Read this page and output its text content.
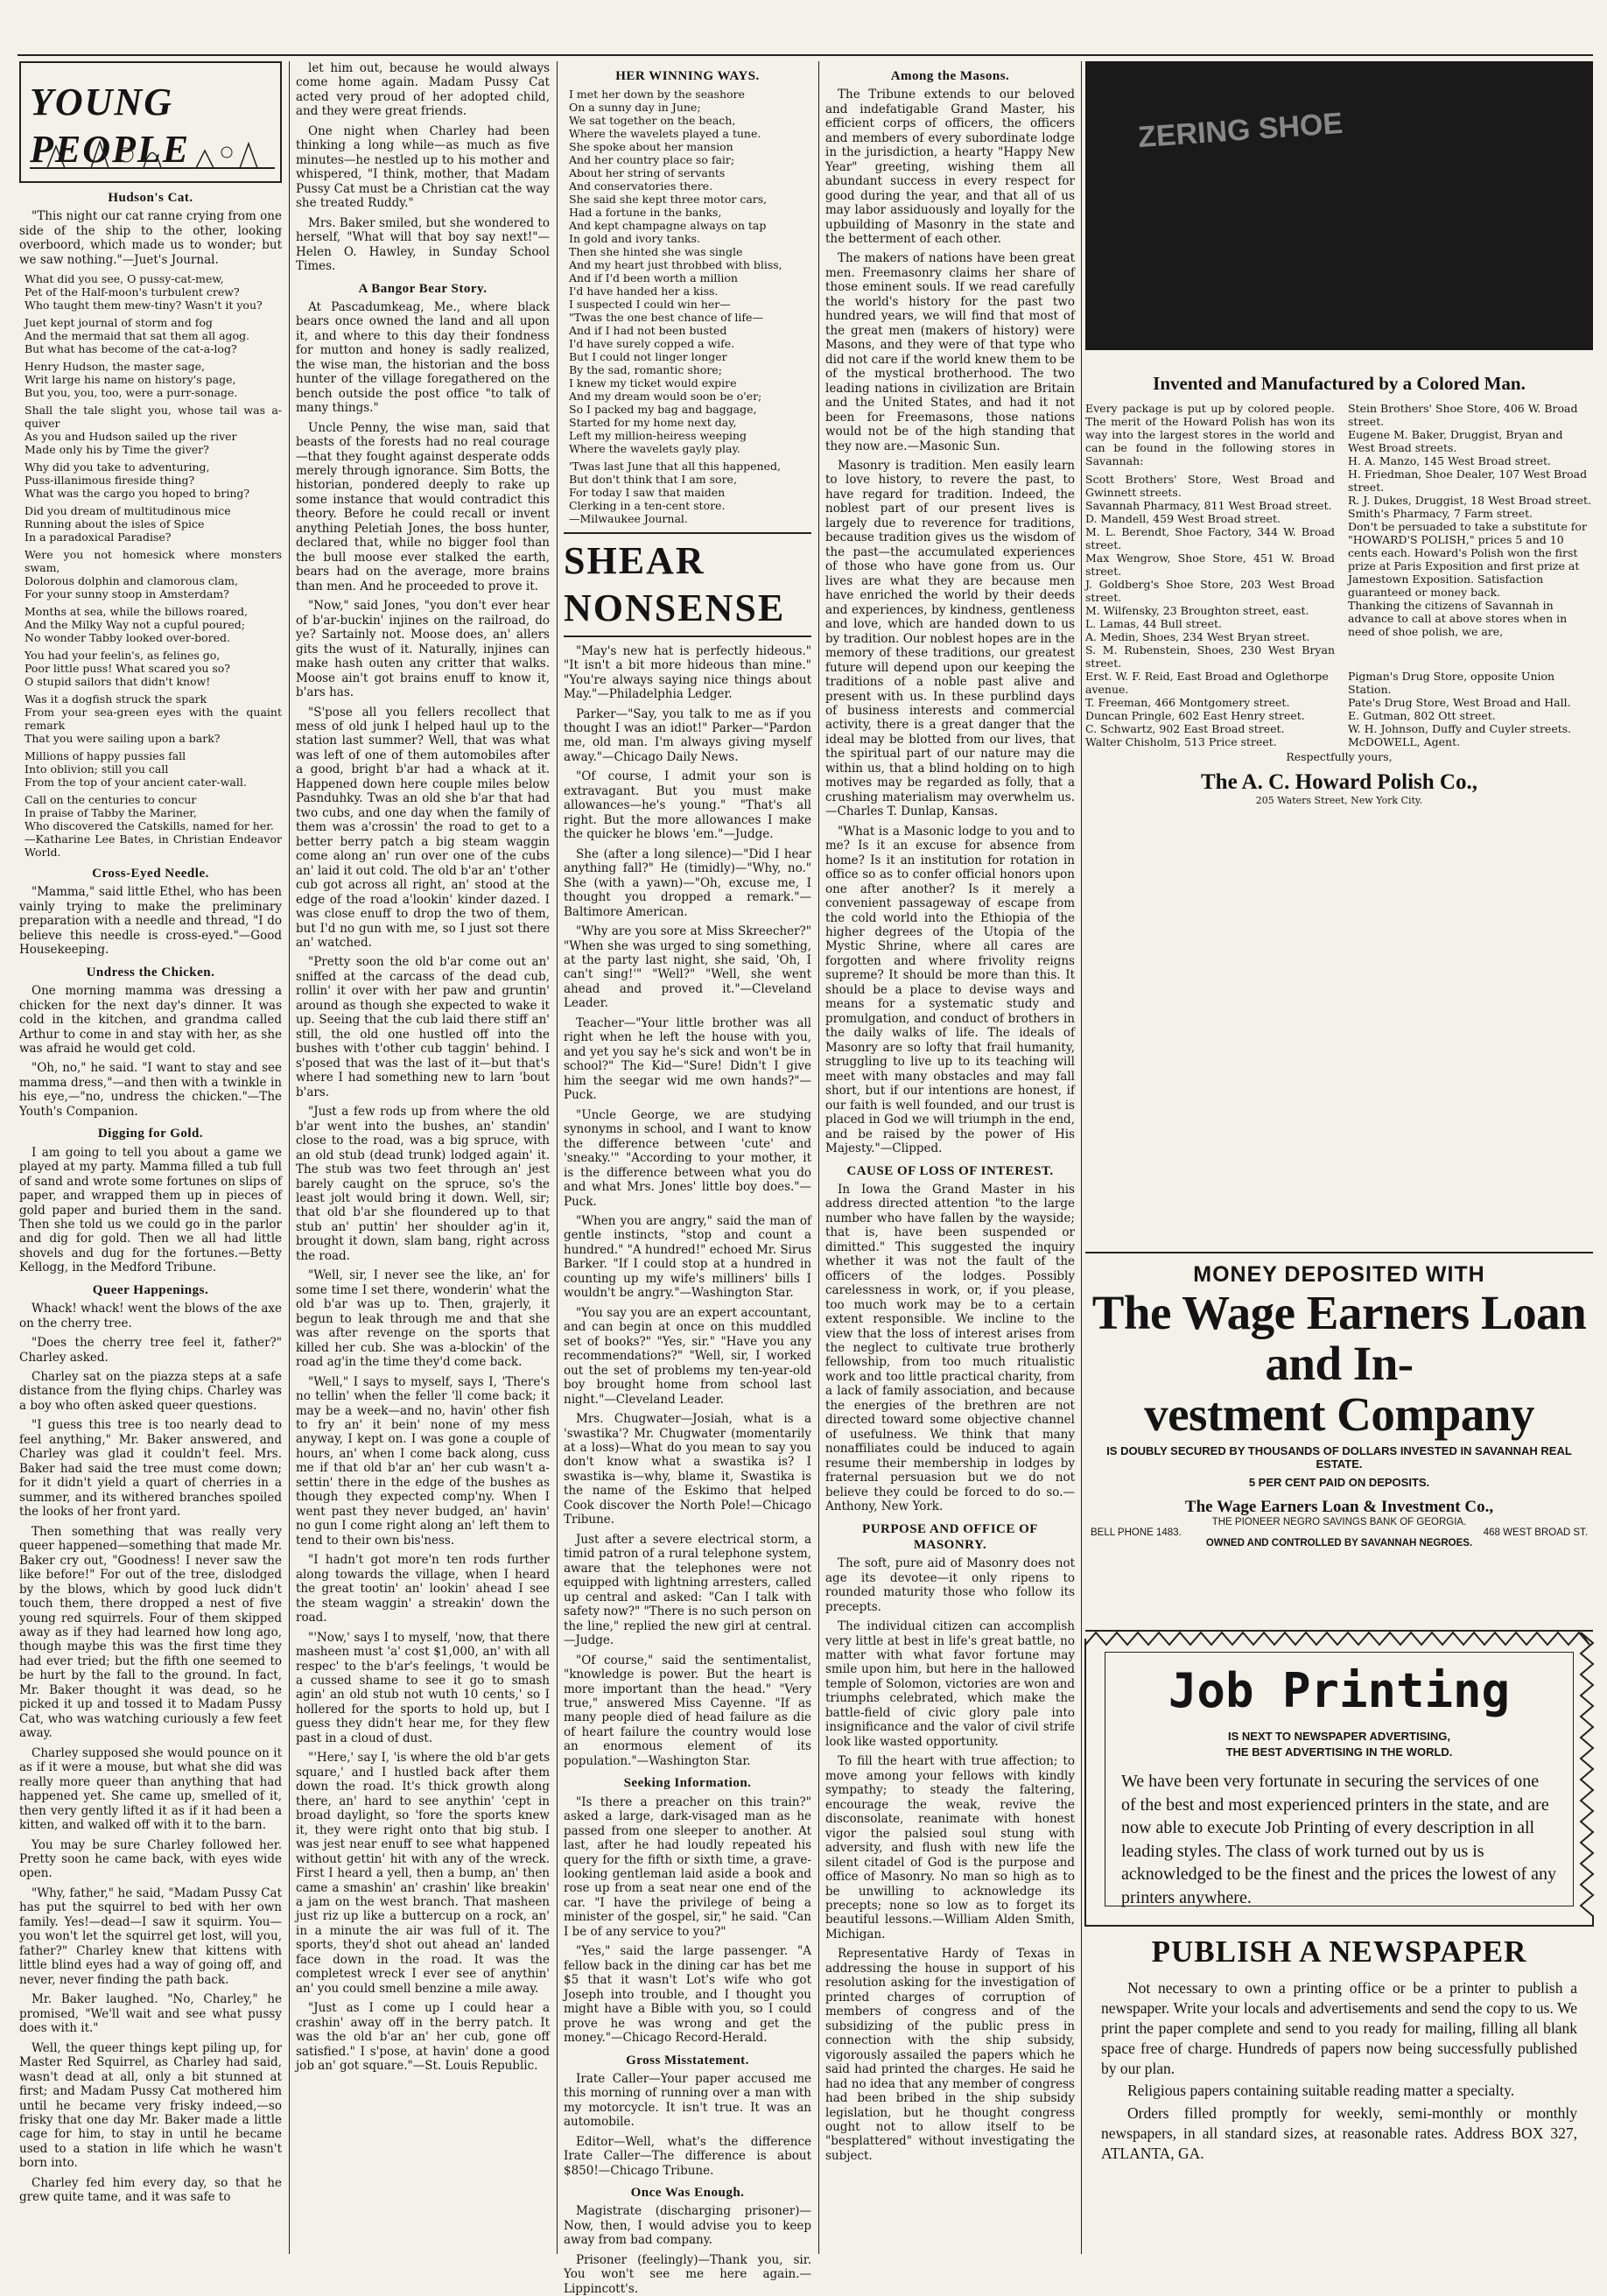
YOUNG PEOPLE
Hudson's Cat.

"This night our cat ranne crying from one side of the ship to the other, looking overboord, which made us to wonder; but we saw nothing."—Juet's Journal.

What did you see, O pussy-cat-mew,
Pet of the Half-moon's turbulent crew?
Who taught them mew-tiny? Wasn't it you?

Juet kept journal of storm and fog
And the mermaid that sat them all agog.
But what has become of the cat-a-log?

Henry Hudson, the master sage,
Writ large his name on history's page,
But you, you, too, were a purr-sonage.

Shall the tale slight you, whose tail was a-quiver
As you and Hudson sailed up the river
Made only his by Time the giver?

Why did you take to adventuring,
Puss-illanimous fireside thing?
What was the cargo you hoped to bring?

Did you dream of multitudinous mice
Running about the isles of Spice
In a paradoxical Paradise?

Were you not homesick where monsters swam,
Dolorous dolphin and clamorous clam,
For your sunny stoop in Amsterdam?

Months at sea, while the billows roared,
And the Milky Way not a cupful poured;
No wonder Tabby looked over-bored.

You had your feelin's, as felines go,
Poor little puss! What scared you so?
O stupid sailors that didn't know!

Was it a dogfish struck the spark
From your sea-green eyes with the quaint remark
That you were sailing upon a bark?

Millions of happy pussies fall
Into oblivion; still you call
From the top of your ancient cater-wall.

Call on the centuries to concur
In praise of Tabby the Mariner,
Who discovered the Catskills, named for her.
—Katharine Lee Bates, in Christian Endeavor World.
Cross-Eyed Needle.

"Mamma," said little Ethel, who has been vainly trying to make the preliminary preparation with a needle and thread, "I do believe this needle is cross-eyed."—Good Housekeeping.

Undress the Chicken.

One morning mamma was dressing a chicken for the next day's dinner. It was cold in the kitchen, and grandma called Arthur to come in and stay with her, as she was afraid he would get cold.

"Oh, no," he said. "I want to stay and see mamma dress,"—and then with a twinkle in his eye,—"no, undress the chicken."—The Youth's Companion.

Digging for Gold.

I am going to tell you about a game we played at my party. Mamma filled a tub full of sand and wrote some fortunes on slips of paper, and wrapped them up in pieces of gold paper and buried them in the sand. Then she told us we could go in the parlor and dig for gold. Then we all had little shovels and dug for the fortunes.—Betty Kellogg, in the Medford Tribune.

Queer Happenings.

Whack! whack! went the blows of the axe on the cherry tree.

"Does the cherry tree feel it, father?" Charley asked.

Charley sat on the piazza steps at a safe distance from the flying chips. Charley was a boy who often asked queer questions.

"I guess this tree is too nearly dead to feel anything," Mr. Baker answered, and Charley was glad it couldn't feel. Mrs. Baker had said the tree must come down; for it didn't yield a quart of cherries in a summer, and its withered branches spoiled the looks of her front yard.

Then something that was really very queer happened—something that made Mr. Baker cry out, "Goodness! I never saw the like before!" For out of the tree, dislodged by the blows, which by good luck didn't touch them, there dropped a nest of five young red squirrels. Four of them skipped away as if they had learned how long ago, though maybe this was the first time they had ever tried; but the fifth one seemed to be hurt by the fall to the ground. In fact, Mr. Baker thought it was dead, so he picked it up and tossed it to Madam Pussy Cat, who was watching curiously a few feet away.

Charley supposed she would pounce on it as if it were a mouse, but what she did was really more queer than anything that had happened yet. She came up, smelled of it, then very gently lifted it as if it had been a kitten, and walked off with it to the barn.

You may be sure Charley followed her. Pretty soon he came back, with eyes wide open.

"Why, father," he said, "Madam Pussy Cat has put the squirrel to bed with her own family. Yes!—dead—I saw it squirm. You—you won't let the squirrel get lost, will you, father?" Charley knew that kittens with little blind eyes had a way of going off, and never, never finding the path back.

Mr. Baker laughed. "No, Charley," he promised, "We'll wait and see what pussy does with it."

Well, the queer things kept piling up, for Master Red Squirrel, as Charley had said, wasn't dead at all, only a bit stunned at first; and Madam Pussy Cat mothered him until he became very frisky indeed,—so frisky that one day Mr. Baker made a little cage for him, to stay in until he became used to a station in life which he wasn't born into.

Charley fed him every day, so that he grew quite tame, and it was safe to

let him out, because he would always come home again. Madam Pussy Cat acted very proud of her adopted child, and they were great friends.

One night when Charley had been thinking a long while—as much as five minutes—he nestled up to his mother and whispered, "I think, mother, that Madam Pussy Cat must be a Christian cat the way she treated Ruddy."

Mrs. Baker smiled, but she wondered to herself, "What will that boy say next!"—Helen O. Hawley, in Sunday School Times.

A Bangor Bear Story.

At Pascadumkeag, Me., where black bears once owned the land and all upon it, and where to this day their fondness for mutton and honey is sadly realized, the wise man, the historian and the boss hunter of the village foregathered on the bench outside the post office "to talk of many things."

Uncle Penny, the wise man, said that beasts of the forests had no real courage—that they fought against desperate odds merely through ignorance. Sim Botts, the historian, pondered deeply to rake up some instance that would contradict this theory. Before he could recall or invent anything Peletiah Jones, the boss hunter, declared that, while no bigger fool than the bull moose ever stalked the earth, bears had on the average, more brains than men. And he proceeded to prove it.

"Now," said Jones, "you don't ever hear of b'ar-buckin' injines on the railroad, do ye? Sartainly not. Moose does, an' allers gits the wust of it. Naturally, injines can make hash outen any critter that walks. Moose ain't got brains enuff to know it, b'ars has.

"S'pose all you fellers recollect that mess of old junk I helped haul up to the station last summer? Well, that was what was left of one of them automobiles after a good, bright b'ar had a whack at it. Happened down here couple miles below Pasnduhky. Twas an old she b'ar that had two cubs, and one day when the family of them was a'crossin' the road to get to a better berry patch a big steam waggin come along an' run over one of the cubs an' laid it out cold. The old b'ar an' t'other cub got across all right, an' stood at the edge of the road a'lookin' kinder dazed. I was close enuff to drop the two of them, but I'd no gun with me, so I just sot there an' watched.

"Pretty soon the old b'ar come out an' sniffed at the carcass of the dead cub, rollin' it over with her paw and gruntin' around as though she expected to wake it up. Seeing that the cub laid there stiff an' still, the old one hustled off into the bushes with t'other cub taggin' behind. I s'posed that was the last of it—but that's where I had something new to larn 'bout b'ars.

"Just a few rods up from where the old b'ar went into the bushes, an' standin' close to the road, was a big spruce, with an old stub (dead trunk) lodged again' it. The stub was two feet through an' jest barely caught on the spruce, so's the least jolt would bring it down. Well, sir; that old b'ar she floundered up to that stub an' puttin' her shoulder ag'in it, brought it down, slam bang, right across the road.

"Well, sir, I never see the like, an' for some time I set there, wonderin' what the old b'ar was up to. Then, grajerly, it begun to leak through me and that she was after revenge on the sports that killed her cub. She was a-blockin' of the road ag'in the time they'd come back.

"Well," I says to myself, says I, 'There's no tellin' when the feller 'll come back; it may be a week—and no, havin' other fish to fry an' it bein' none of my mess anyway, I kept on. I was gone a couple of hours, an' when I come back along, cuss me if that old b'ar an' her cub wasn't a-settin' there in the edge of the bushes as though they expected comp'ny. When I went past they never budged, an' havin' no gun I come right along an' left them to tend to their own bis'ness.

"I hadn't got more'n ten rods further along towards the village, when I heard the great tootin' an' lookin' ahead I see the steam waggin' a streakin' down the road.

"'Now,' says I to myself, 'now, that there masheen must 'a' cost $1,000, an' with all respec' to the b'ar's feelings, 't would be a cussed shame to see it go to smash agin' an old stub not wuth 10 cents,' so I hollered for the sports to hold up, but I guess they didn't hear me, for they flew past in a cloud of dust.

"'Here,' say I, 'is where the old b'ar gets square,' and I hustled back after them down the road. It's thick growth along there, an' hard to see anythin' 'cept in broad daylight, so 'fore the sports knew it, they were right onto that big stub. I was jest near enuff to see what happened without gettin' hit with any of the wreck. First I heard a yell, then a bump, an' then came a smashin' an' crashin' like breakin' a jam on the west branch. That masheen just riz up like a buttercup on a rock, an' in a minute the air was full of it. The sports, they'd shot out ahead an' landed face down in the road. It was the completest wreck I ever see of anythin' an' you could smell benzine a mile away.

"Just as I come up I could hear a crashin' away off in the berry patch. It was the old b'ar an' her cub, gone off satisfied." I s'pose, at havin' done a good job an' got square."—St. Louis Republic.

HER WINNING WAYS.
I met her down by the seashore
On a sunny day in June;
We sat together on the beach,
Where the wavelets played a tune.
She spoke about her mansion
And her country place so fair;
About her string of servants
And conservatories there.
She said she kept three motor cars,
Had a fortune in the banks,
And kept champagne always on tap
In gold and ivory tanks.
Then she hinted she was single
And my heart just throbbed with bliss,
And if I'd been worth a million
I'd have handed her a kiss.
I suspected I could win her—
"Twas the one best chance of life—
And if I had not been busted
I'd have surely copped a wife.
But I could not linger longer
By the sad, romantic shore;
I knew my ticket would expire
And my dream would soon be o'er;
So I packed my bag and baggage,
Started for my home next day,
Left my million-heiress weeping
Where the wavelets gayly play.

'Twas last June that all this happened,
But don't think that I am sore,
For today I saw that maiden
Clerking in a ten-cent store.
—Milwaukee Journal.
SHEAR
NONSENSE

"May's new hat is perfectly hideous." "It isn't a bit more hideous than mine." "You're always saying nice things about May."—Philadelphia Ledger.

Parker—"Say, you talk to me as if you thought I was an idiot!" Parker—"Pardon me, old man. I'm always giving myself away."—Chicago Daily News.

"Of course, I admit your son is extravagant. But you must make allowances—he's young." "That's all right. But the more allowances I make the quicker he blows 'em."—Judge.

She (after a long silence)—"Did I hear anything fall?" He (timidly)—"Why, no." She (with a yawn)—"Oh, excuse me, I thought you dropped a remark."—Baltimore American.

"Why are you sore at Miss Skreecher?" "When she was urged to sing something, at the party last night, she said, 'Oh, I can't sing!'" "Well?" "Well, she went ahead and proved it."—Cleveland Leader.

Teacher—"Your little brother was all right when he left the house with you, and yet you say he's sick and won't be in school?" The Kid—"Sure! Didn't I give him the seegar wid me own hands?"—Puck.

"Uncle George, we are studying synonyms in school, and I want to know the difference between 'cute' and 'sneaky.'" "According to your mother, it is the difference between what you do and what Mrs. Jones' little boy does."—Puck.

"When you are angry," said the man of gentle instincts, "stop and count a hundred." "A hundred!" echoed Mr. Sirus Barker. "If I could stop at a hundred in counting up my wife's milliners' bills I wouldn't be angry."—Washington Star.

"You say you are an expert accountant, and can begin at once on this muddled set of books?" "Yes, sir." "Have you any recommendations?" "Well, sir, I worked out the set of problems my ten-year-old boy brought home from school last night."—Cleveland Leader.

Mrs. Chugwater—Josiah, what is a 'swastika'? Mr. Chugwater (momentarily at a loss)—What do you mean to say you don't know what a swastika is? I swastika is—why, blame it, Swastika is the name of the Eskimo that helped Cook discover the North Pole!—Chicago Tribune.

Just after a severe electrical storm, a timid patron of a rural telephone system, aware that the telephones were not equipped with lightning arresters, called up central and asked: "Can I talk with safety now?" "There is no such person on the line," replied the new girl at central.—Judge.

"Of course," said the sentimentalist, "knowledge is power. But the heart is more important than the head." "Very true," answered Miss Cayenne. "If as many people died of head failure as die of heart failure the country would lose an enormous element of its population."—Washington Star.

Seeking Information.

"Is there a preacher on this train?" asked a large, dark-visaged man as he passed from one sleeper to another. At last, after he had loudly repeated his query for the fifth or sixth time, a grave-looking gentleman laid aside a book and rose up from a seat near one end of the car. "I have the privilege of being a minister of the gospel, sir," he said. "Can I be of any service to you?"

"Yes," said the large passenger. "A fellow back in the dining car has bet me $5 that it wasn't Lot's wife who got Joseph into trouble, and I thought you might have a Bible with you, so I could prove he was wrong and get the money."—Chicago Record-Herald.

Gross Misstatement.

Irate Caller—Your paper accused me this morning of running over a man with my motorcycle. It isn't true. It was an automobile.

Editor—Well, what's the difference Irate Caller—The difference is about $850!—Chicago Tribune.

Once Was Enough.

Magistrate (discharging prisoner)—Now, then, I would advise you to keep away from bad company.

Prisoner (feelingly)—Thank you, sir. You won't see me here again.—Lippincott's.

Among the Masons.

The Tribune extends to our beloved and indefatigable Grand Master, his efficient corps of officers, the officers and members of every subordinate lodge in the jurisdiction, a hearty "Happy New Year" greeting, wishing them all abundant success in every respect for good during the year, and that all of us may labor assiduously and loyally for the upbuilding of Masonry in the state and the betterment of each other.

The makers of nations have been great men. Freemasonry claims her share of those eminent souls. If we read carefully the world's history for the past two hundred years, we will find that most of the great men (makers of history) were Masons, and they were of that type who did not care if the world knew them to be of the mystical brotherhood. The two leading nations in civilization are Britain and the United States, and had it not been for Freemasons, those nations would not be of the high standing that they now are.—Masonic Sun.

Masonry is tradition. Men easily learn to love history, to revere the past, to have regard for tradition. Indeed, the noblest part of our present lives is largely due to reverence for traditions, because tradition gives us the wisdom of the past—the accumulated experiences of those who have gone from us. Our lives are what they are because men have enriched the world by their deeds and experiences, by kindness, gentleness and love, which are handed down to us by tradition. Our noblest hopes are in the memory of these traditions, our greatest future will depend upon our keeping the traditions of a noble past alive and present with us. In these purblind days of business interests and commercial activity, there is a great danger that the ideal may be blotted from our lives, that the spiritual part of our nature may die within us, that a blind holding on to high motives may be regarded as folly, that a crushing materialism may overwhelm us.—Charles T. Dunlap, Kansas.

"What is a Masonic lodge to you and to me? Is it an excuse for absence from home? Is it an institution for rotation in office so as to confer official honors upon one after another? Is it merely a convenient passageway of escape from the cold world into the Ethiopia of the higher degrees of the Utopia of the Mystic Shrine, where all cares are forgotten and where frivolity reigns supreme? It should be more than this. It should be a place to devise ways and means for a systematic study and promulgation, and conduct of brothers in the daily walks of life. The ideals of Masonry are so lofty that frail humanity, struggling to live up to its teaching will meet with many obstacles and may fall short, but if our intentions are honest, if our faith is well founded, and our trust is placed in God we will triumph in the end, and be raised by the power of His Majesty."—Clipped.

CAUSE OF LOSS OF INTEREST.

In Iowa the Grand Master in his address directed attention "to the large number who have fallen by the wayside; that is, have been suspended or dimitted." This suggested the inquiry whether it was not the fault of the officers of the lodges. Possibly carelessness in work, or, if you please, too much work may be to a certain extent responsible. We incline to the view that the loss of interest arises from the neglect to cultivate true brotherly fellowship, from too much ritualistic work and too little practical charity, from a lack of family association, and because the energies of the brethren are not directed toward some objective channel of usefulness. We think that many nonaffiliates could be induced to again resume their membership in lodges by fraternal persuasion but we do not believe they could be forced to do so.—Anthony, New York.

PURPOSE AND OFFICE OF MASONRY.

The soft, pure aid of Masonry does not age its devotee—it only ripens to rounded maturity those who follow its precepts.

The individual citizen can accomplish very little at best in life's great battle, no matter with what favor fortune may smile upon him, but here in the hallowed temple of Solomon, victories are won and triumphs celebrated, which make the battle-field of civic glory pale into insignificance and the valor of civil strife look like wasted opportunity.

To fill the heart with true affection; to move among your fellows with kindly sympathy; to steady the faltering, encourage the weak, revive the disconsolate, reanimate with honest vigor the palsied soul stung with adversity, and flush with new life the silent citadel of God is the purpose and office of Masonry. No man so high as to be unwilling to acknowledge its precepts; none so low as to forget its beautiful lessons.—William Alden Smith, Michigan.

Representative Hardy of Texas in addressing the house in support of his resolution asking for the investigation of printed charges of corruption of members of congress and of the subsidizing of the public press in connection with the ship subsidy, vigorously assailed the papers which he said had printed the charges. He said he had no idea that any member of congress had been bribed in the ship subsidy legislation, but he thought congress ought not to allow itself to be "besplattered" without investigating the subject.

ZERING SHOE
Invented and Manufactured by a Colored Man.

Every package is put up by colored people. The merit of the Howard Polish has won its way into the largest stores in the world and can be found in the following stores in Savannah:

Scott Brothers' Store, West Broad and Gwinnett streets.
Savannah Pharmacy, 811 West Broad street.
D. Mandell, 459 West Broad street.
M. L. Berendt, Shoe Factory, 344 W. Broad street.
Max Wengrow, Shoe Store, 451 W. Broad street.
J. Goldberg's Shoe Store, 203 West Broad street.
M. Wilfensky, 23 Broughton street, east.
L. Lamas, 44 Bull street.
A. Medin, Shoes, 234 West Bryan street.
S. M. Rubenstein, Shoes, 230 West Bryan street.
Stein Brothers' Shoe Store, 406 W. Broad street.
Eugene M. Baker, Druggist, Bryan and West Broad streets.
H. A. Manzo, 145 West Broad street.
H. Friedman, Shoe Dealer, 107 West Broad street.
R. J. Dukes, Druggist, 18 West Broad street.
Smith's Pharmacy, 7 Farm street.
Don't be persuaded to take a substitute for "HOWARD'S POLISH," prices 5 and 10 cents each. Howard's Polish won the first prize at Paris Exposition and first prize at Jamestown Exposition. Satisfaction guaranteed or money back.
Thanking the citizens of Savannah in advance to call at above stores when in need of shoe polish, we are,
Erst. W. F. Reid, East Broad and Oglethorpe avenue.
T. Freeman, 466 Montgomery street.
Duncan Pringle, 602 East Henry street.
C. Schwartz, 902 East Broad street.
Walter Chisholm, 513 Price street.
Pigman's Drug Store, opposite Union Station.
Pate's Drug Store, West Broad and Hall.
E. Gutman, 802 Ott street.
W. H. Johnson, Duffy and Cuyler streets.
McDOWELL, Agent.
Respectfully yours,
The A. C. Howard Polish Co.,
205 Waters Street, New York City.
MONEY DEPOSITED WITH
The Wage Earners Loan and In-
vestment Company
IS DOUBLY SECURED BY THOUSANDS OF DOLLARS INVESTED IN SAVANNAH REAL ESTATE.
5 PER CENT PAID ON DEPOSITS.
The Wage Earners Loan & Investment Co.,
THE PIONEER NEGRO SAVINGS BANK OF GEORGIA.
BELL PHONE 1483.	468 WEST BROAD ST.
OWNED AND CONTROLLED BY SAVANNAH NEGROES.
Job Printing
IS NEXT TO NEWSPAPER ADVERTISING,
THE BEST ADVERTISING IN THE WORLD.
We have been very fortunate in securing the services of one of the best and most experienced printers in the state, and are now able to execute Job Printing of every description in all leading styles. The class of work turned out by us is acknowledged to be the finest and the prices the lowest of any printers anywhere.
PUBLISH A NEWSPAPER

Not necessary to own a printing office or be a printer to publish a newspaper. Write your locals and advertisements and send the copy to us. We print the paper complete and send to you ready for mailing, filling all blank space free of charge. Hundreds of papers now being successfully published by our plan.

Religious papers containing suitable reading matter a specialty.

Orders filled promptly for weekly, semi-monthly or monthly newspapers, in all standard sizes, at reasonable rates. Address BOX 327, ATLANTA, GA.
